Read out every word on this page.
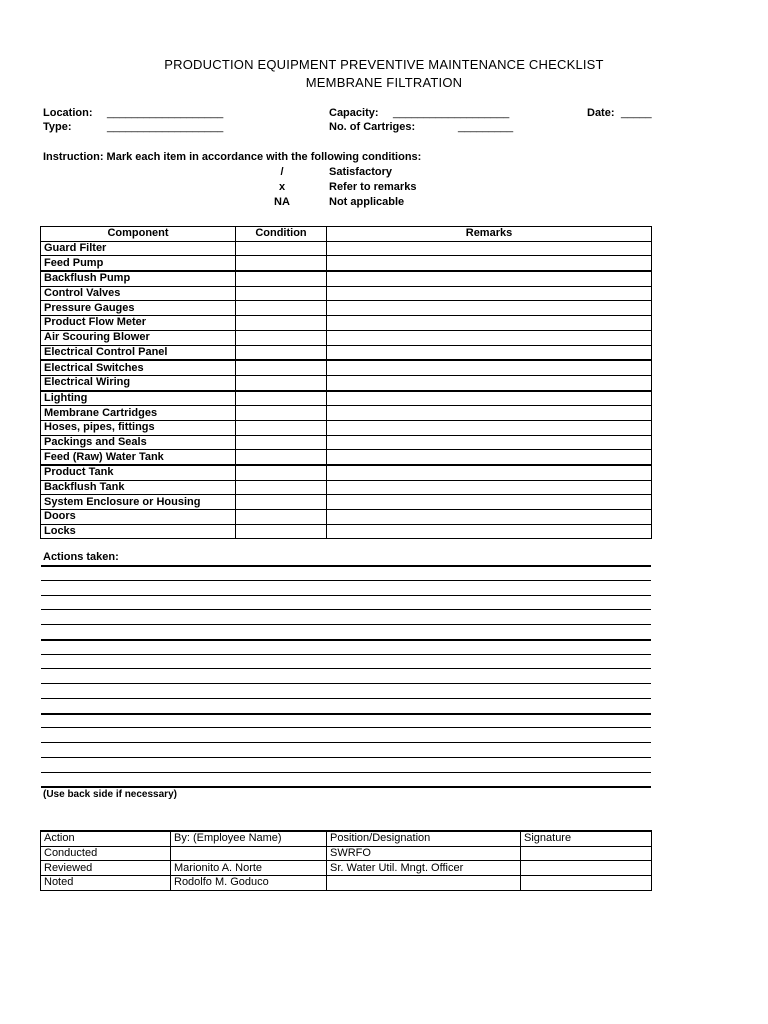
PRODUCTION EQUIPMENT PREVENTIVE MAINTENANCE CHECKLIST
MEMBRANE FILTRATION
Location: ___________________
Type:	___________________
Capacity: ___________________
No. of Cartriges:	_________
Date: _____
Instruction: Mark each item in accordance with the following conditions:
/	Satisfactory
x	Refer to remarks
NA	Not applicable
Component	Condition	Remarks
Guard Filter		
Feed Pump		
Backflush Pump		
Control Valves		
Pressure Gauges		
Product Flow Meter		
Air Scouring Blower		
Electrical Control Panel		
Electrical Switches		
Electrical Wiring		
Lighting		
Membrane Cartridges		
Hoses, pipes, fittings		
Packings and Seals		
Feed (Raw) Water Tank		
Product Tank		
Backflush Tank		
System Enclosure or Housing		
Doors		
Locks		
Actions taken:
(Use back side if necessary)
Action	By: (Employee Name)	Position/Designation	Signature
Conducted		SWRFO	
Reviewed	Marionito A. Norte	Sr. Water Util. Mngt. Officer	
Noted	Rodolfo M. Goduco		
